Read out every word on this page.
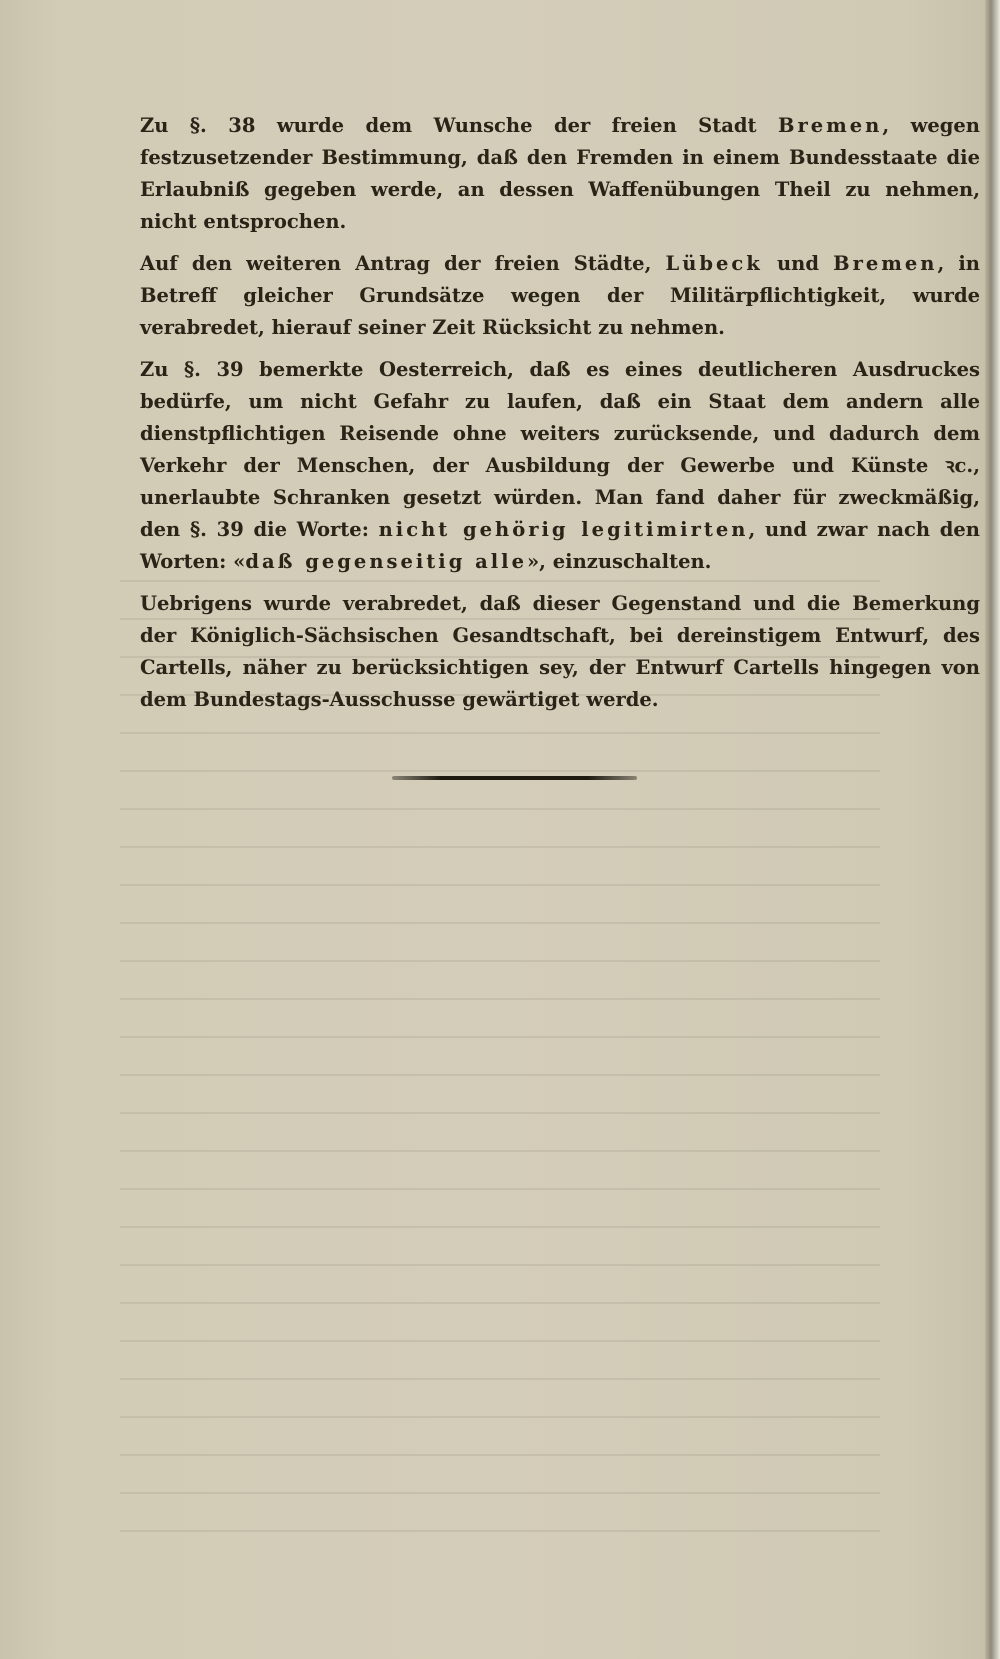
Zu §. 38 wurde dem Wunsche der freien Stadt Bremen, wegen festzusetzender Bestimmung, daß den Fremden in einem Bundesstaate die Erlaubniß gegeben werde, an dessen Waffenübungen Theil zu nehmen, nicht entsprochen.

Auf den weiteren Antrag der freien Städte, Lübeck und Bremen, in Betreff gleicher Grundsätze wegen der Militärpflichtigkeit, wurde verabredet, hierauf seiner Zeit Rücksicht zu nehmen.

Zu §. 39 bemerkte Oesterreich, daß es eines deutlicheren Ausdruckes bedürfe, um nicht Gefahr zu laufen, daß ein Staat dem andern alle dienstpflichtigen Reisende ohne weiters zurücksende, und dadurch dem Verkehr der Menschen, der Ausbildung der Gewerbe und Künste ꝛc., unerlaubte Schranken gesetzt würden. Man fand daher für zweckmäßig, den §. 39 die Worte: nicht gehörig legitimirten, und zwar nach den Worten: «daß gegenseitig alle», einzuschalten.

Uebrigens wurde verabredet, daß dieser Gegenstand und die Bemerkung der Königlich-Sächsischen Gesandtschaft, bei dereinstigem Entwurf, des Cartells, näher zu berücksichtigen sey, der Entwurf Cartells hingegen von dem Bundestags-Ausschusse gewärtiget werde.
